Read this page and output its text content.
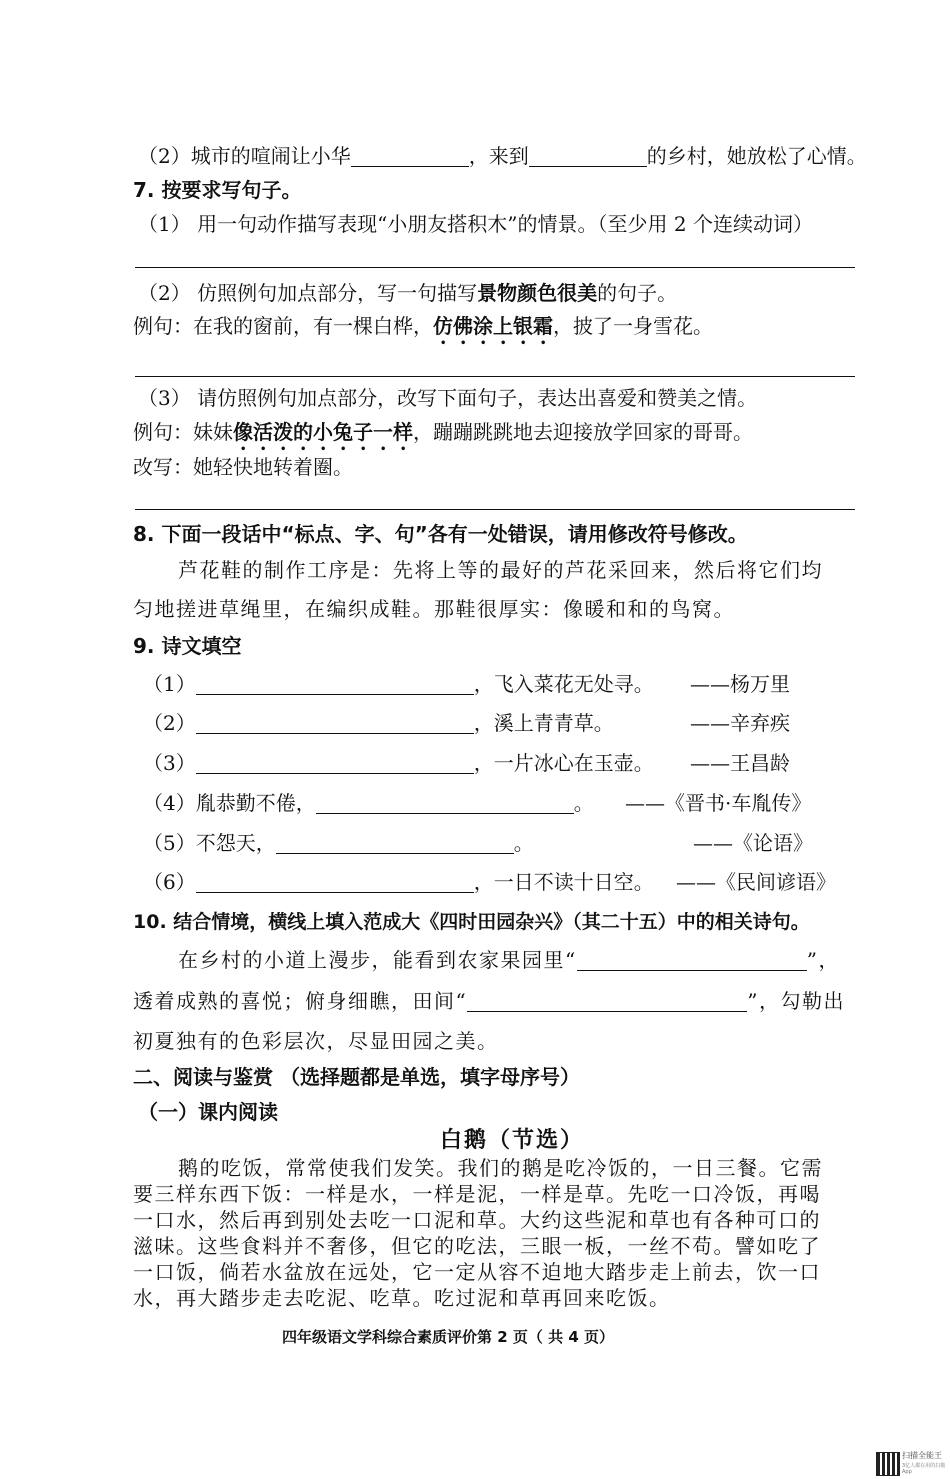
（2）城市的喧闹让小华	，来到	的乡村，她放松了心情。
7. 按要求写句子。
（1） 用一句动作描写表现“小朋友搭积木”的情景。（至少用 2 个连续动词）
（2） 仿照例句加点部分，写一句描写景物颜色很美的句子。
例句：在我的窗前，有一棵白桦，仿佛涂上银霜，披了一身雪花。
（3） 请仿照例句加点部分，改写下面句子，表达出喜爱和赞美之情。
例句：妹妹像活泼的小兔子一样，蹦蹦跳跳地去迎接放学回家的哥哥。
改写：她轻快地转着圈。
8. 下面一段话中“标点、字、句”各有一处错误，请用修改符号修改。
芦花鞋的制作工序是：先将上等的最好的芦花采回来，然后将它们均
匀地搓进草绳里，在编织成鞋。那鞋很厚实：像暖和和的鸟窝。
9. 诗文填空
（1）	，飞入菜花无处寻。 ——杨万里
（2）	，溪上青青草。	——辛弃疾
（3）	，一片冰心在玉壶。 ——王昌龄
（4）胤恭勤不倦，	。 ——《晋书·车胤传》
（5）不怨天，	。	——《论语》
（6）	，一日不读十日空。 ——《民间谚语》
10. 结合情境，横线上填入范成大《四时田园杂兴》（其二十五）中的相关诗句。
在乡村的小道上漫步，能看到农家果园里“	”，
透着成熟的喜悦；俯身细瞧，田间“	”，勾勒出
初夏独有的色彩层次，尽显田园之美。
二、阅读与鉴赏 （选择题都是单选，填字母序号）
（一）课内阅读
白鹅（节选）
鹅的吃饭，常常使我们发笑。我们的鹅是吃冷饭的，一日三餐。它需
要三样东西下饭：一样是水，一样是泥，一样是草。先吃一口冷饭，再喝
一口水，然后再到别处去吃一口泥和草。大约这些泥和草也有各种可口的
滋味。这些食料并不奢侈，但它的吃法，三眼一板，一丝不苟。譬如吃了
一口饭，倘若水盆放在远处，它一定从容不迫地大踏步走上前去，饮一口
水，再大踏步走去吃泥、吃草。吃过泥和草再回来吃饭。
四年级语文学科综合素质评价第 2 页（ 共 4 页）
扫描全能王
3亿人都在用的扫描App
